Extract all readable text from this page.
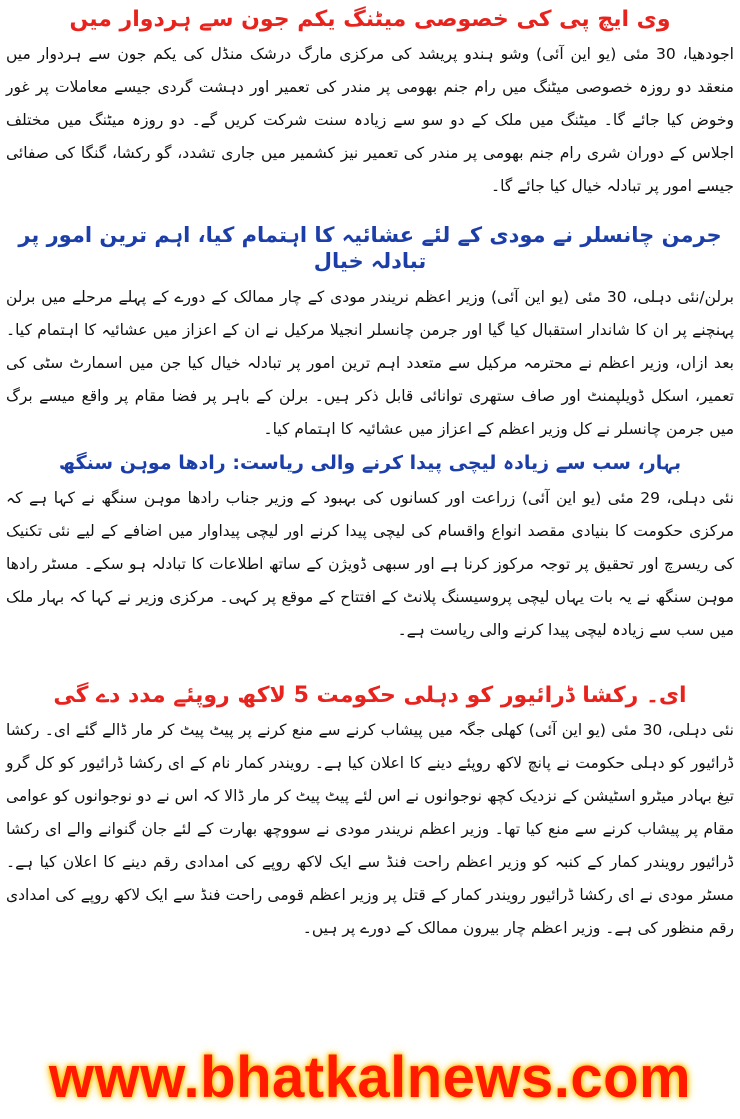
وی ایچ پی کی خصوصی میٹنگ یکم جون سے ہردوار میں

اجودھیا، 30 مئی (یو این آئی) وشو ہندو پریشد کی مرکزی مارگ درشک منڈل کی یکم جون سے ہردوار میں منعقد دو روزہ خصوصی میٹنگ میں رام جنم بھومی پر مندر کی تعمیر اور دہشت گردی جیسے معاملات پر غور وخوض کیا جائے گا۔ میٹنگ میں ملک کے دو سو سے زیادہ سنت شرکت کریں گے۔ دو روزہ میٹنگ میں مختلف اجلاس کے دوران شری رام جنم بھومی پر مندر کی تعمیر نیز کشمیر میں جاری تشدد، گو رکشا، گنگا کی صفائی جیسے امور پر تبادلہ خیال کیا جائے گا۔

جرمن چانسلر نے مودی کے لئے عشائیہ کا اہتمام کیا، اہم ترین امور پر تبادلہ خیال

برلن/نئی دہلی، 30 مئی (یو این آئی) وزیر اعظم نریندر مودی کے چار ممالک کے دورے کے پہلے مرحلے میں برلن پہنچنے پر ان کا شاندار استقبال کیا گیا اور جرمن چانسلر انجیلا مرکیل نے ان کے اعزاز میں عشائیہ کا اہتمام کیا۔ بعد ازاں، وزیر اعظم نے محترمہ مرکیل سے متعدد اہم ترین امور پر تبادلہ خیال کیا جن میں اسمارٹ سٹی کی تعمیر، اسکل ڈویلپمنٹ اور صاف ستھری توانائی قابل ذکر ہیں۔ برلن کے باہر پر فضا مقام پر واقع میسے برگ میں جرمن چانسلر نے کل وزیر اعظم کے اعزاز میں عشائیہ کا اہتمام کیا۔

بہار، سب سے زیادہ لیچی پیدا کرنے والی ریاست: رادھا موہن سنگھ

نئی دہلی، 29 مئی (یو این آئی) زراعت اور کسانوں کی بہبود کے وزیر جناب رادھا موہن سنگھ نے کہا ہے کہ مرکزی حکومت کا بنیادی مقصد انواع واقسام کی لیچی پیدا کرنے اور لیچی پیداوار میں اضافے کے لیے نئی تکنیک کی ریسرچ اور تحقیق پر توجہ مرکوز کرنا ہے اور سبھی ڈویژن کے ساتھ اطلاعات کا تبادلہ ہو سکے۔ مسٹر رادھا موہن سنگھ نے یہ بات یہاں لیچی پروسیسنگ پلانٹ کے افتتاح کے موقع پر کہی۔ مرکزی وزیر نے کہا کہ بہار ملک میں سب سے زیادہ لیچی پیدا کرنے والی ریاست ہے۔

ای۔ رکشا ڈرائیور کو دہلی حکومت 5 لاکھ روپئے مدد دے گی

نئی دہلی، 30 مئی (یو این آئی) کھلی جگہ میں پیشاب کرنے سے منع کرنے پر پیٹ پیٹ کر مار ڈالے گئے ای۔ رکشا ڈرائیور کو دہلی حکومت نے پانچ لاکھ روپئے دینے کا اعلان کیا ہے۔ رویندر کمار نام کے ای رکشا ڈرائیور کو کل گرو تیغ بہادر میٹرو اسٹیشن کے نزدیک کچھ نوجوانوں نے اس لئے پیٹ پیٹ کر مار ڈالا کہ اس نے دو نوجوانوں کو عوامی مقام پر پیشاب کرنے سے منع کیا تھا۔ وزیر اعظم نریندر مودی نے سووچھ بھارت کے لئے جان گنوانے والے ای رکشا ڈرائیور رویندر کمار کے کنبہ کو وزیر اعظم راحت فنڈ سے ایک لاکھ روپے کی امدادی رقم دینے کا اعلان کیا ہے۔ مسٹر مودی نے ای رکشا ڈرائیور رویندر کمار کے قتل پر وزیر اعظم قومی راحت فنڈ سے ایک لاکھ روپے کی امدادی رقم منظور کی ہے۔ وزیر اعظم چار بیرون ممالک کے دورے پر ہیں۔

www.bhatkalnews.com
